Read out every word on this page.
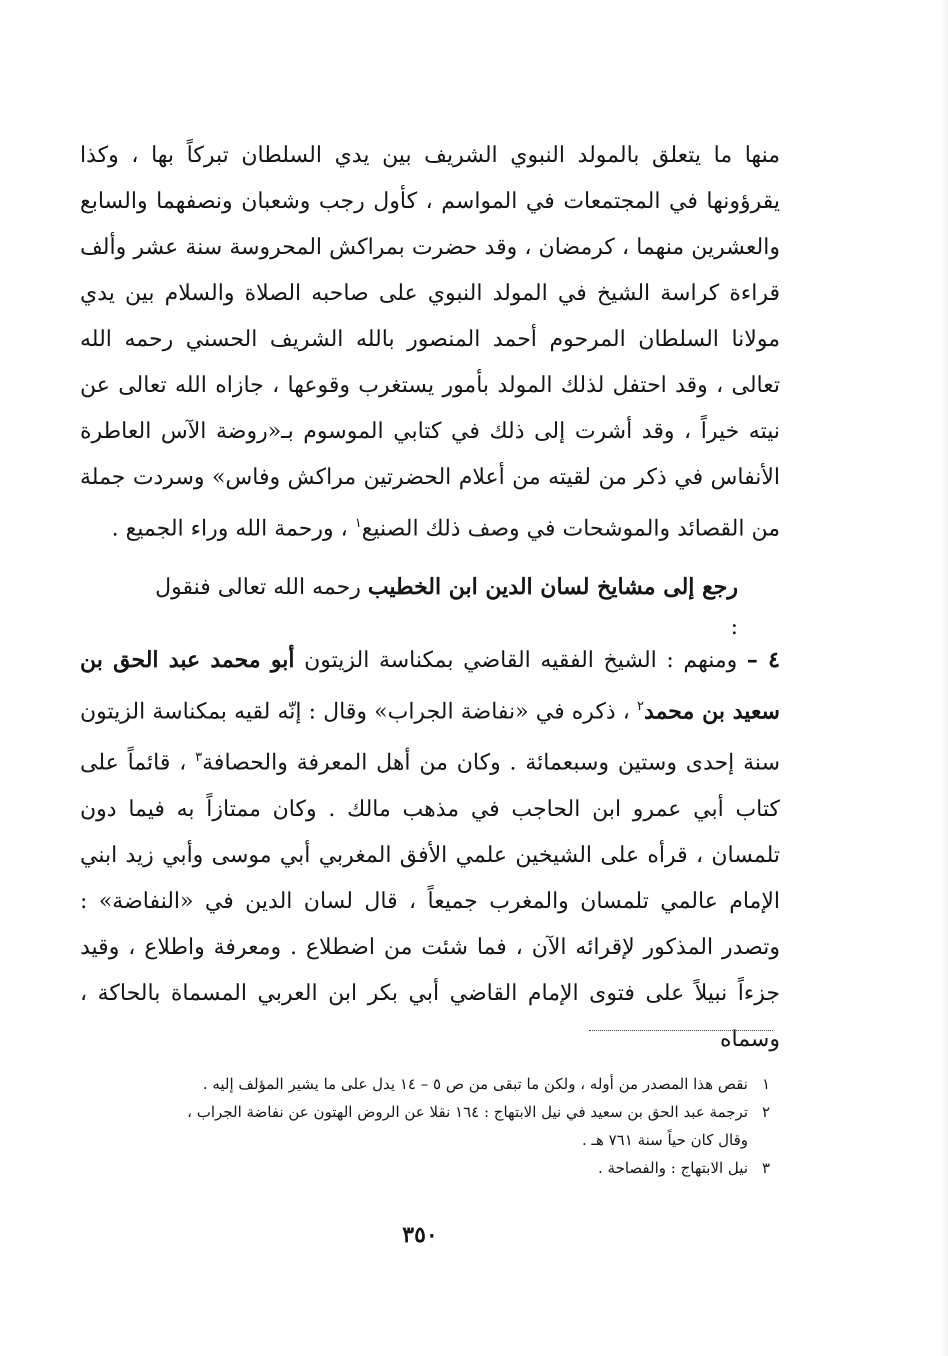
منها ما يتعلق بالمولد النبوي الشريف بين يدي السلطان تبركاً بها ، وكذا يقرؤونها في المجتمعات في المواسم ، كأول رجب وشعبان ونصفهما والسابع والعشرين منهما ، كرمضان ، وقد حضرت بمراكش المحروسة سنة عشر وألف قراءة كراسة الشيخ في المولد النبوي على صاحبه الصلاة والسلام بين يدي مولانا السلطان المرحوم أحمد المنصور بالله الشريف الحسني رحمه الله تعالى ، وقد احتفل لذلك المولد بأمور يستغرب وقوعها ، جازاه الله تعالى عن نيته خيراً ، وقد أشرت إلى ذلك في كتابي الموسوم بـ«روضة الآس العاطرة الأنفاس في ذكر من لقيته من أعلام الحضرتين مراكش وفاس» وسردت جملة من القصائد والموشحات في وصف ذلك الصنيع$^١$ ، ورحمة الله وراء الجميع .
رجع إلى مشايخ لسان الدين ابن الخطيب رحمه الله تعالى فنقول :
٤ – ومنهم : الشيخ الفقيه القاضي بمكناسة الزيتون أبو محمد عبد الحق بن سعيد بن محمد$^٢$ ، ذكره في «نفاضة الجراب» وقال : إنّه لقيه بمكناسة الزيتون سنة إحدى وستين وسبعمائة . وكان من أهل المعرفة والحصافة$^٣$ ، قائماً على كتاب أبي عمرو ابن الحاجب في مذهب مالك . وكان ممتازاً به فيما دون تلمسان ، قرأه على الشيخين علمي الأفق المغربي أبي موسى وأبي زيد ابني الإمام عالمي تلمسان والمغرب جميعاً ، قال لسان الدين في «النفاضة» : وتصدر المذكور لإقرائه الآن ، فما شئت من اضطلاع . ومعرفة واطلاع ، وقيد جزءاً نبيلاً على فتوى الإمام القاضي أبي بكر ابن العربي المسماة بالحاكة ، وسماه
١نقص هذا المصدر من أوله ، ولكن ما تبقى من ص ٥ – ١٤ يدل على ما يشير المؤلف إليه .
٢ترجمة عبد الحق بن سعيد في نيل الابتهاج : ١٦٤ نقلا عن الروض الهتون عن نفاضة الجراب ،
وقال كان حياً سنة ٧٦١ هـ .
٣نيل الابتهاج : والفصاحة .
٣٥٠
